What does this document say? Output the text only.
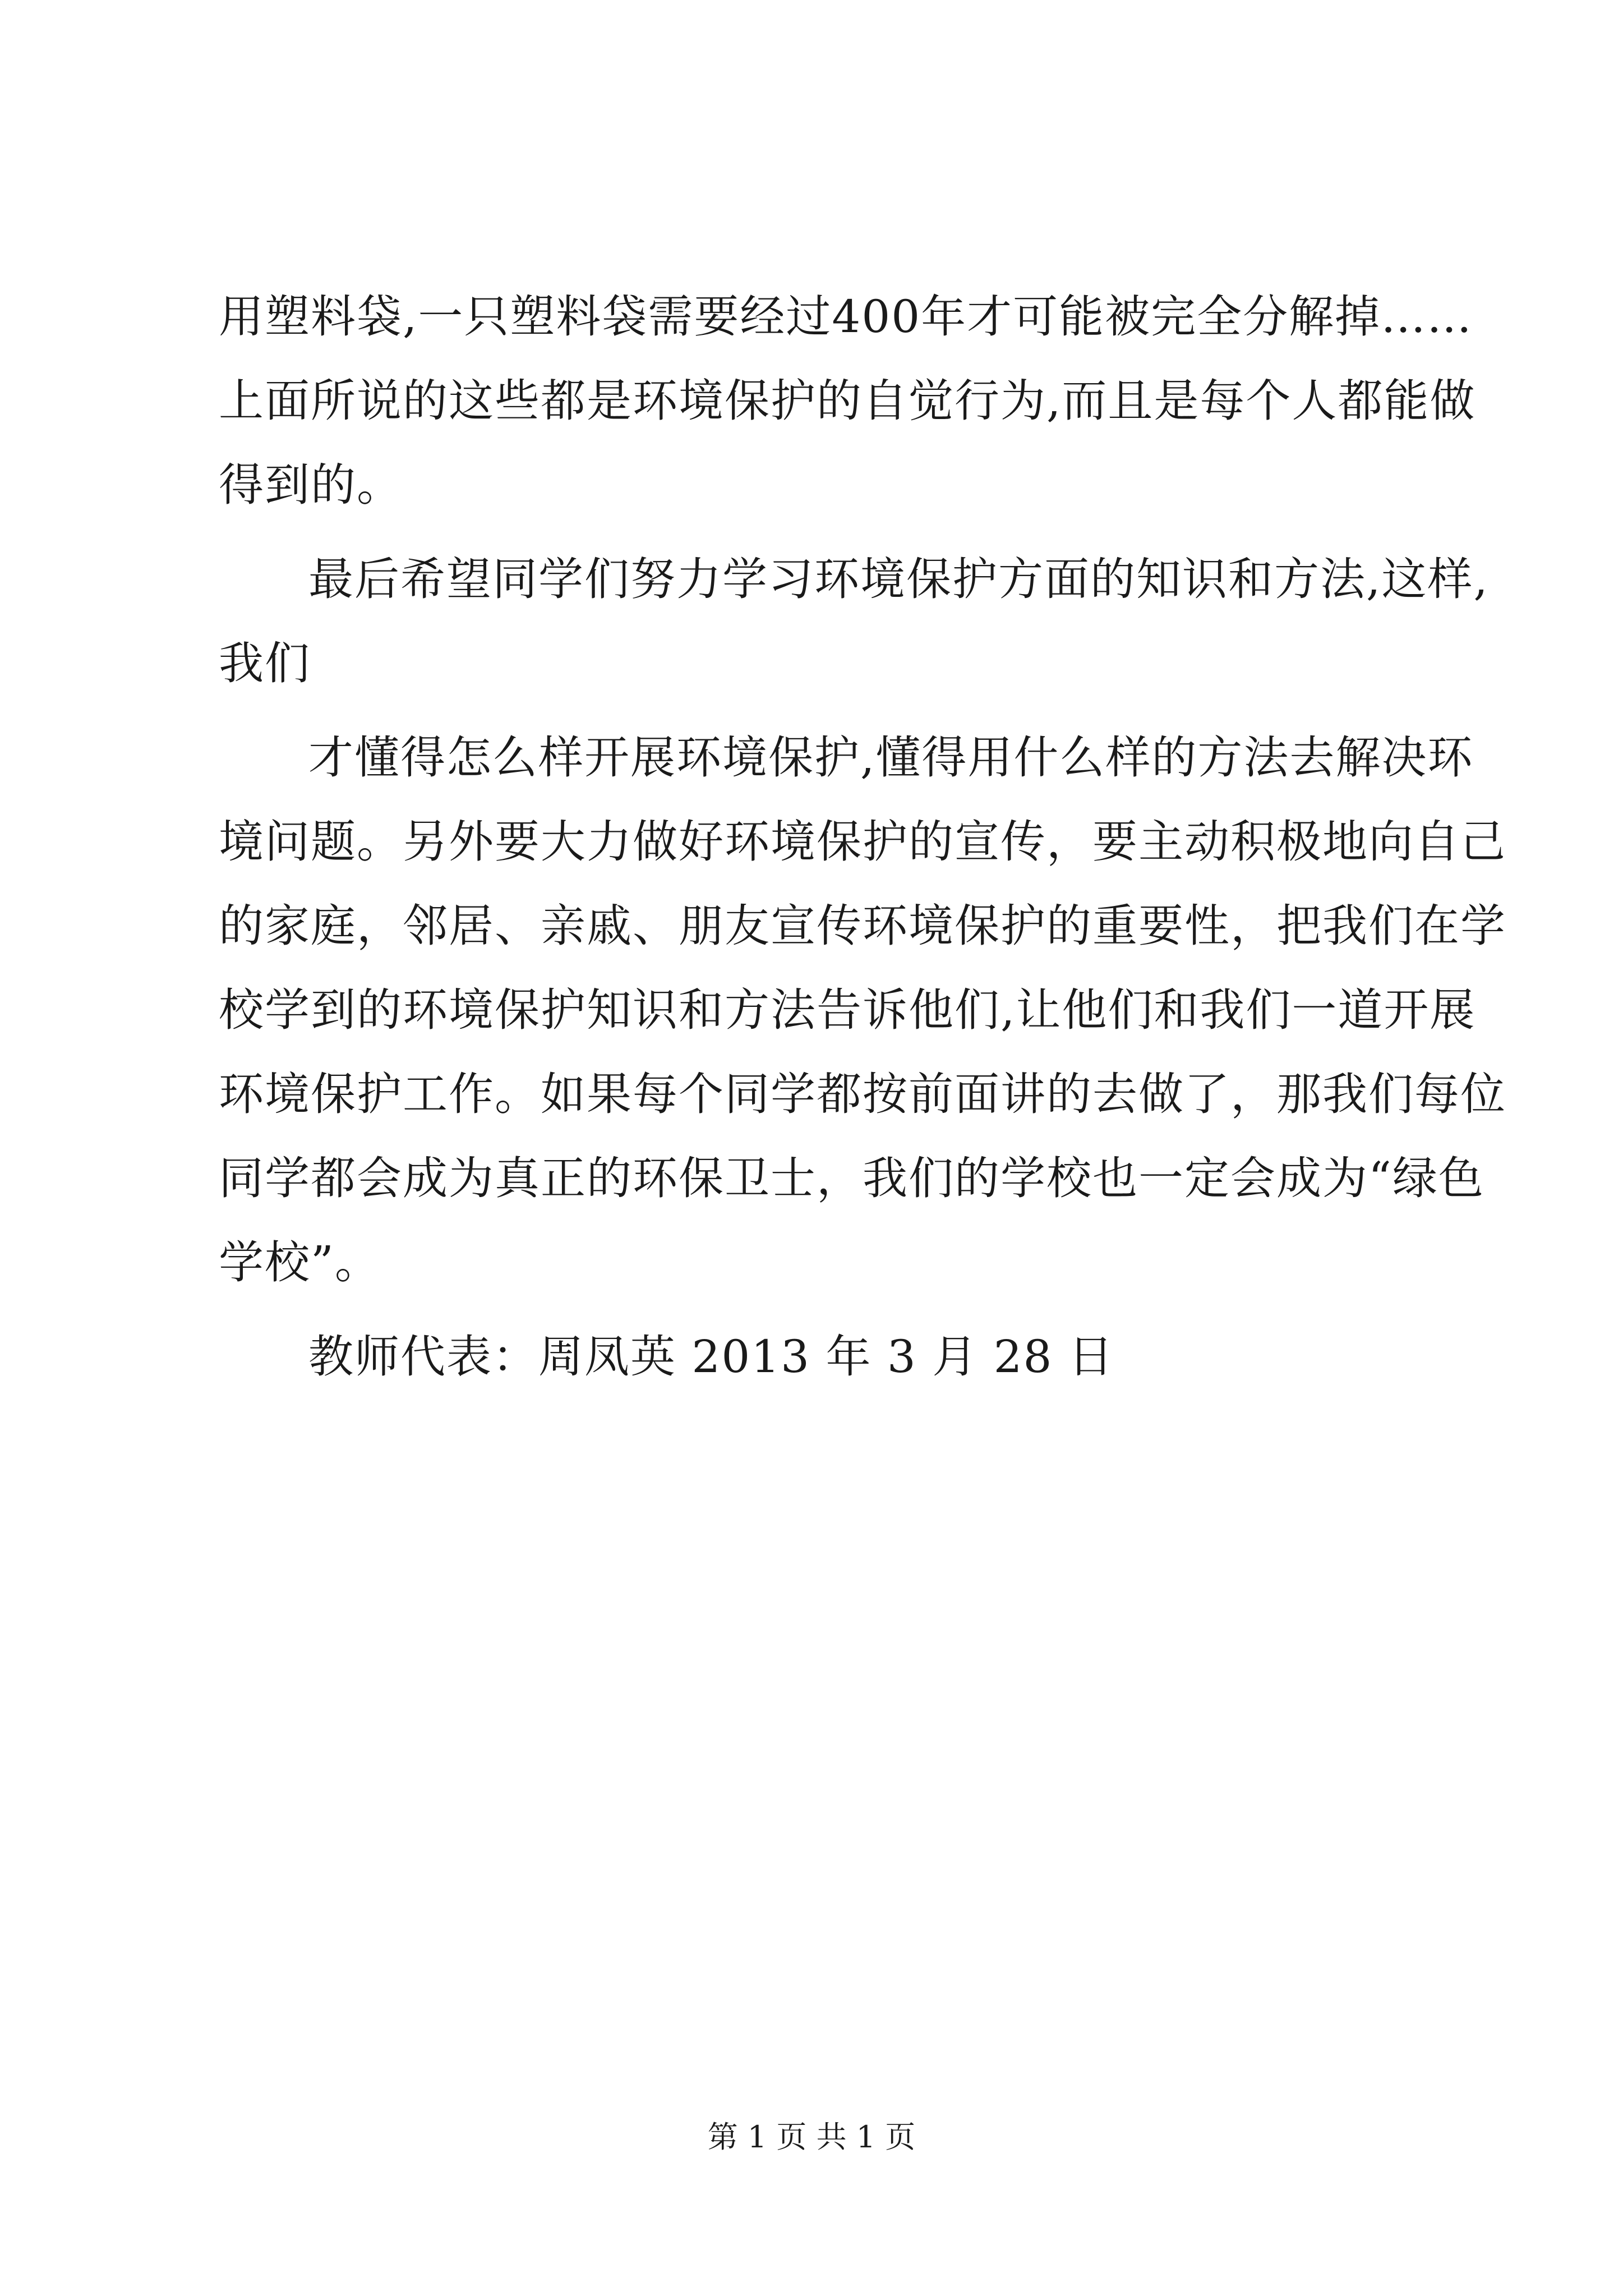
用塑料袋,一只塑料袋需要经过400年才可能被完全分解掉……
上面所说的这些都是环境保护的自觉行为,而且是每个人都能做
得到的。
最后希望同学们努力学习环境保护方面的知识和方法,这样,
我们
才懂得怎么样开展环境保护,懂得用什么样的方法去解决环
境问题。另外要大力做好环境保护的宣传，要主动积极地向自己
的家庭，邻居、亲戚、朋友宣传环境保护的重要性，把我们在学
校学到的环境保护知识和方法告诉他们,让他们和我们一道开展
环境保护工作。如果每个同学都按前面讲的去做了，那我们每位
同学都会成为真正的环保卫士，我们的学校也一定会成为“绿色
学校”。
教师代表：周凤英 2013 年 3 月 28 日
第 1 页 共 1 页
